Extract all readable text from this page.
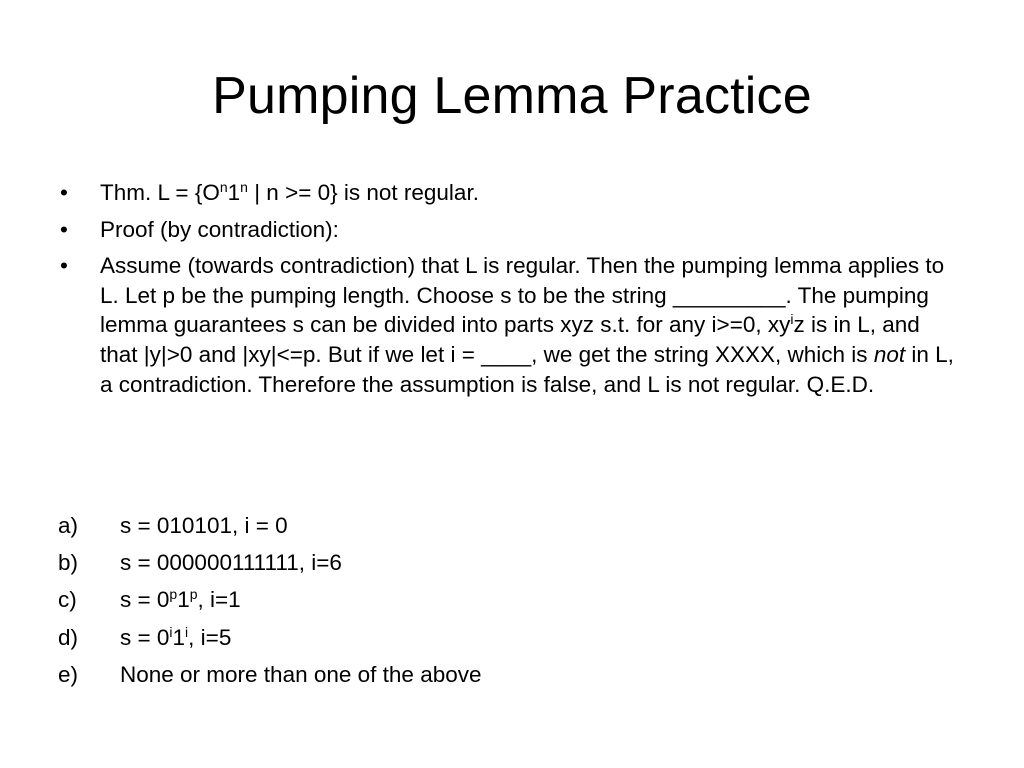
Pumping Lemma Practice
• Thm. $L = \{O^n1^n$ | n >= 0} is not regular.
• Proof (by contradiction):
• Assume (towards contradiction) that L is regular. Then the pumping lemma applies to L. Let p be the pumping length. Choose s to be the string _________. The pumping lemma guarantees s can be divided into parts xyz s.t. for any i>=0, $xy^iz$ is in L, and that |y|>0 and |xy|<=p. But if we let i = ____, we get the string XXXX, which is not in L, a contradiction. Therefore the assumption is false, and L is not regular. Q.E.D.
a) s = 010101, i = 0
b) s = 000000111111, i=6
c) $s = 0^p1^p$, i=1
d) $s = 0^i1^i$, i=5
e) None or more than one of the above
